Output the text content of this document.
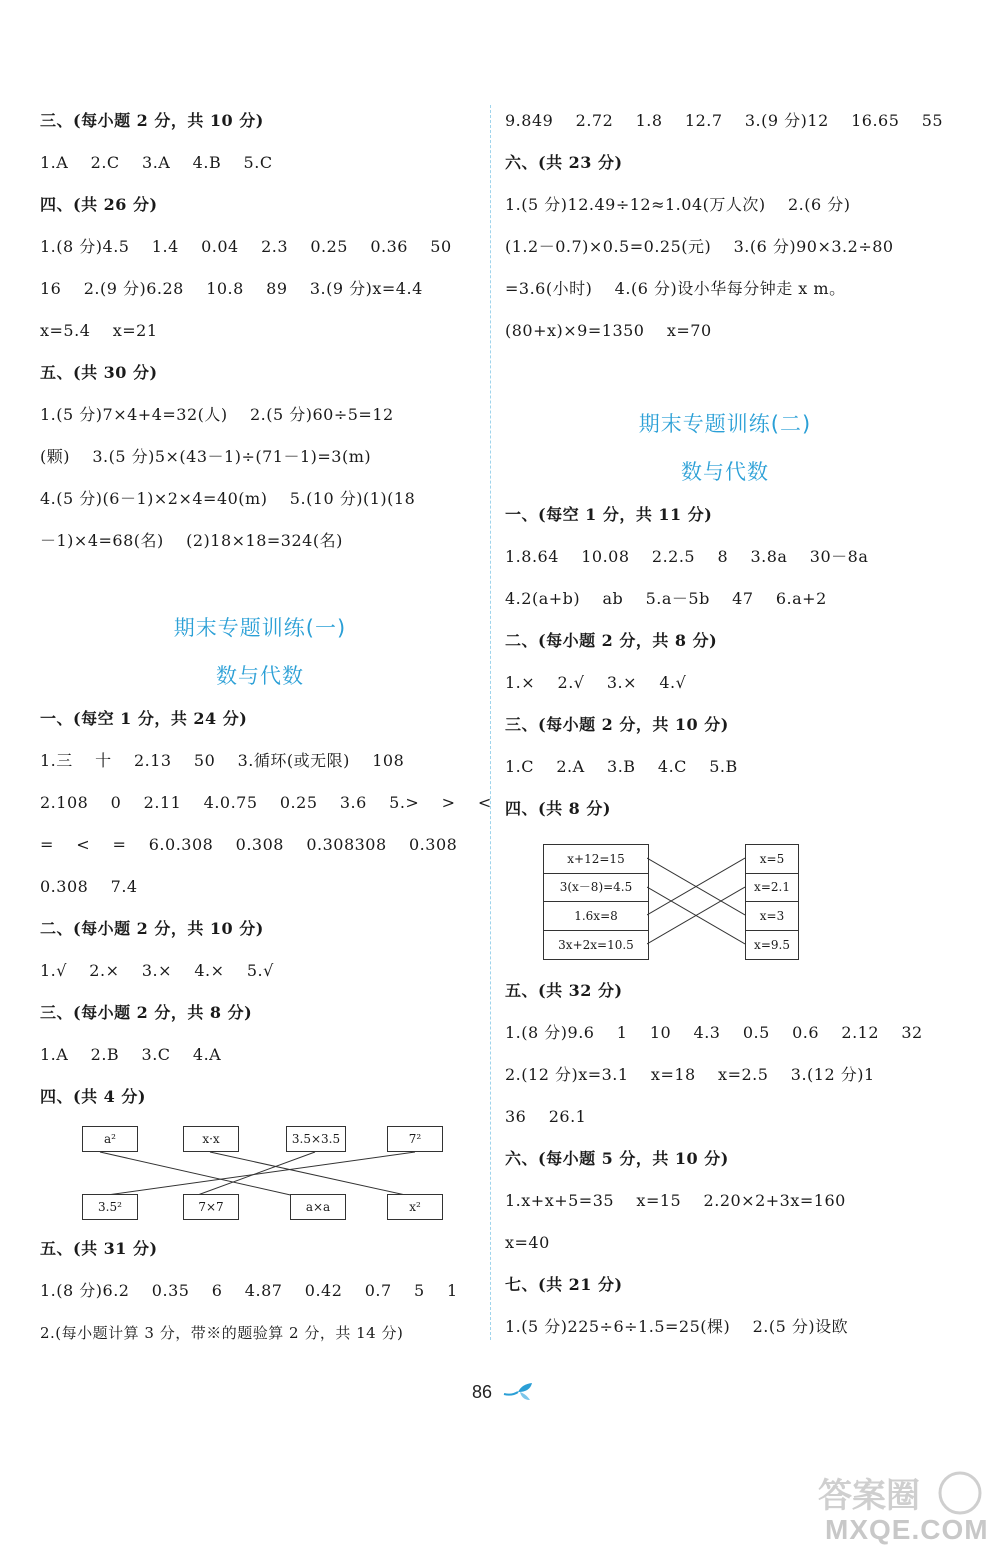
三、(每小题 2 分，共 10 分)
1.A    2.C    3.A    4.B    5.C
四、(共 26 分)
1.(8 分)4.5    1.4    0.04    2.3    0.25    0.36    50
16    2.(9 分)6.28    10.8    89    3.(9 分)x=4.4
x=5.4    x=21
五、(共 30 分)
1.(5 分)7×4+4=32(人)    2.(5 分)60÷5=12
(颗)    3.(5 分)5×(43－1)÷(71－1)=3(m)
4.(5 分)(6－1)×2×4=40(m)    5.(10 分)(1)(18
－1)×4=68(名)    (2)18×18=324(名)
期末专题训练(一)
数与代数
一、(每空 1 分，共 24 分)
1.三    十    2.13    50    3.循环(或无限)    108
2.108    0    2.11    4.0.75    0.25    3.6    5.>    >    <
=    <    =    6.0.308    0.308    0.308308    0.308
0.308    7.4
二、(每小题 2 分，共 10 分)
1.√    2.×    3.×    4.×    5.√
三、(每小题 2 分，共 8 分)
1.A    2.B    3.C    4.A
四、(共 4 分)
a²	x·x	3.5×3.5	7²
3.5²	7×7	a×a	x²
五、(共 31 分)
1.(8 分)6.2    0.35    6    4.87    0.42    0.7    5    1
2.(每小题计算 3 分，带※的题验算 2 分，共 14 分)
9.849    2.72    1.8    12.7    3.(9 分)12    16.65    55
六、(共 23 分)
1.(5 分)12.49÷12≈1.04(万人次)    2.(6 分)
(1.2－0.7)×0.5=0.25(元)    3.(6 分)90×3.2÷80
=3.6(小时)    4.(6 分)设小华每分钟走 x m。
(80+x)×9=1350    x=70
期末专题训练(二)
数与代数
一、(每空 1 分，共 11 分)
1.8.64    10.08    2.2.5    8    3.8a    30－8a
4.2(a+b)    ab    5.a－5b    47    6.a+2
二、(每小题 2 分，共 8 分)
1.×    2.√    3.×    4.√
三、(每小题 2 分，共 10 分)
1.C    2.A    3.B    4.C    5.B
四、(共 8 分)
x+12=15
3(x－8)=4.5
1.6x=8
3x+2x=10.5
x=5
x=2.1
x=3
x=9.5
五、(共 32 分)
1.(8 分)9.6    1    10    4.3    0.5    0.6    2.12    32
2.(12 分)x=3.1    x=18    x=2.5    3.(12 分)1
36    26.1
六、(每小题 5 分，共 10 分)
1.x+x+5=35    x=15    2.20×2+3x=160
x=40
七、(共 21 分)
1.(5 分)225÷6÷1.5=25(棵)    2.(5 分)设欧
86
答案圈
MXQE.COM
